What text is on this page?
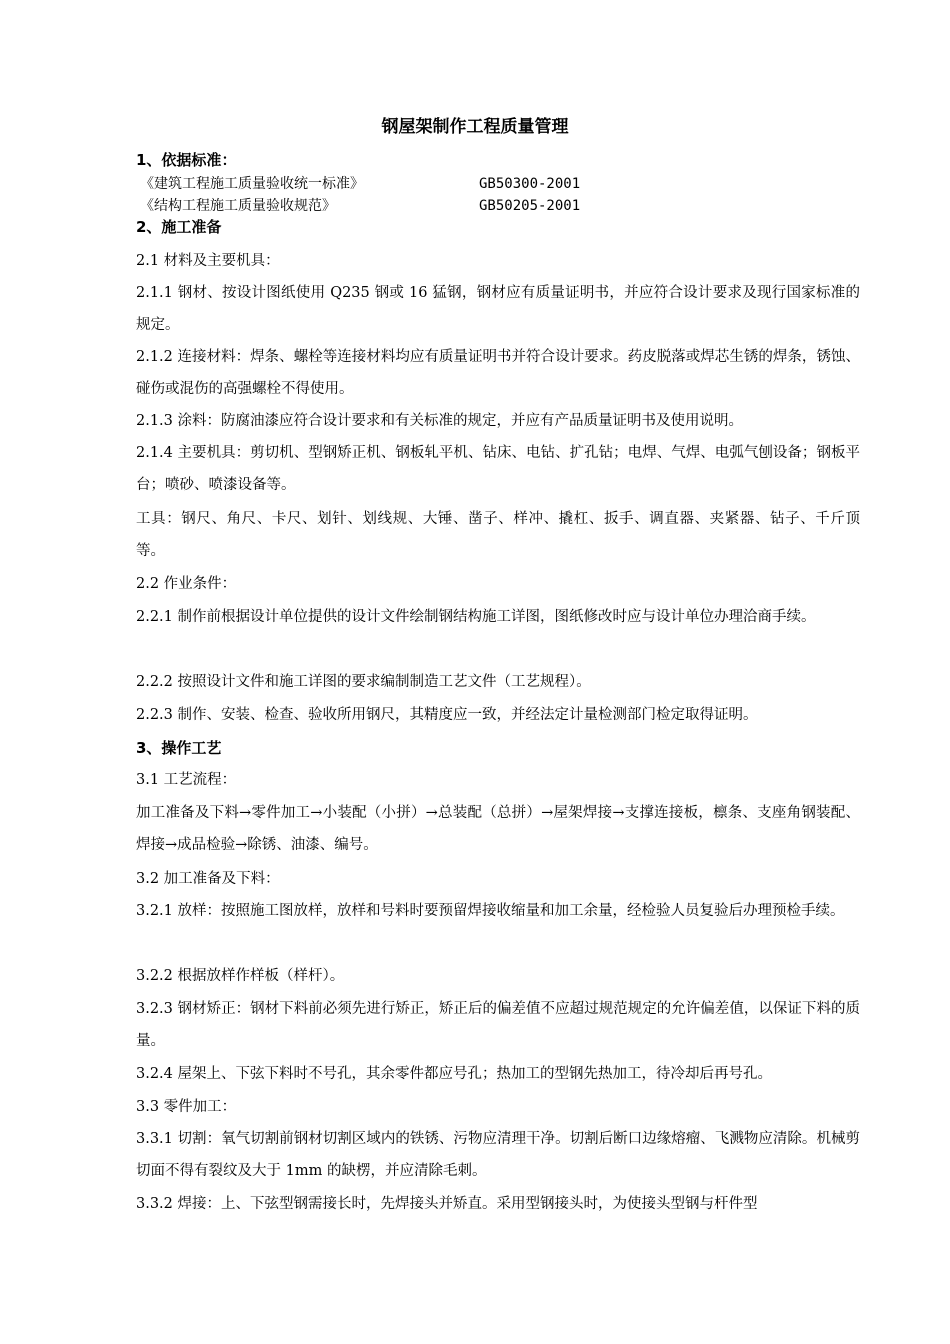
钢屋架制作工程质量管理
1、依据标准：
《建筑工程施工质量验收统一标准》	GB50300-2001
《结构工程施工质量验收规范》	GB50205-2001
2、施工准备
2.1 材料及主要机具：
2.1.1 钢材、按设计图纸使用 Q235 钢或 16 猛钢，钢材应有质量证明书，并应符合设计要求及现行国家标准的规定。
2.1.2 连接材料：焊条、螺栓等连接材料均应有质量证明书并符合设计要求。药皮脱落或焊芯生锈的焊条，锈蚀、碰伤或混伤的高强螺栓不得使用。
2.1.3 涂料：防腐油漆应符合设计要求和有关标准的规定，并应有产品质量证明书及使用说明。
2.1.4 主要机具：剪切机、型钢矫正机、钢板轧平机、钻床、电钻、扩孔钻；电焊、气焊、电弧气刨设备；钢板平台；喷砂、喷漆设备等。
工具：钢尺、角尺、卡尺、划针、划线规、大锤、凿子、样冲、撬杠、扳手、调直器、夹紧器、钻子、千斤顶等。
2.2 作业条件：
2.2.1 制作前根据设计单位提供的设计文件绘制钢结构施工详图，图纸修改时应与设计单位办理洽商手续。
2.2.2 按照设计文件和施工详图的要求编制制造工艺文件（工艺规程）。
2.2.3 制作、安装、检查、验收所用钢尺，其精度应一致，并经法定计量检测部门检定取得证明。
3、操作工艺
3.1 工艺流程：
加工准备及下料→零件加工→小装配（小拼）→总装配（总拼）→屋架焊接→支撑连接板，檩条、支座角钢装配、焊接→成品检验→除锈、油漆、编号。
3.2 加工准备及下料：
3.2.1 放样：按照施工图放样，放样和号料时要预留焊接收缩量和加工余量，经检验人员复验后办理预检手续。
3.2.2 根据放样作样板（样杆）。
3.2.3 钢材矫正：钢材下料前必须先进行矫正，矫正后的偏差值不应超过规范规定的允许偏差值，以保证下料的质量。
3.2.4 屋架上、下弦下料时不号孔，其余零件都应号孔；热加工的型钢先热加工，待冷却后再号孔。
3.3 零件加工：
3.3.1 切割：氧气切割前钢材切割区域内的铁锈、污物应清理干净。切割后断口边缘熔瘤、飞溅物应清除。机械剪切面不得有裂纹及大于 1mm 的缺楞，并应清除毛刺。
3.3.2 焊接：上、下弦型钢需接长时，先焊接头并矫直。采用型钢接头时，为使接头型钢与杆件型
